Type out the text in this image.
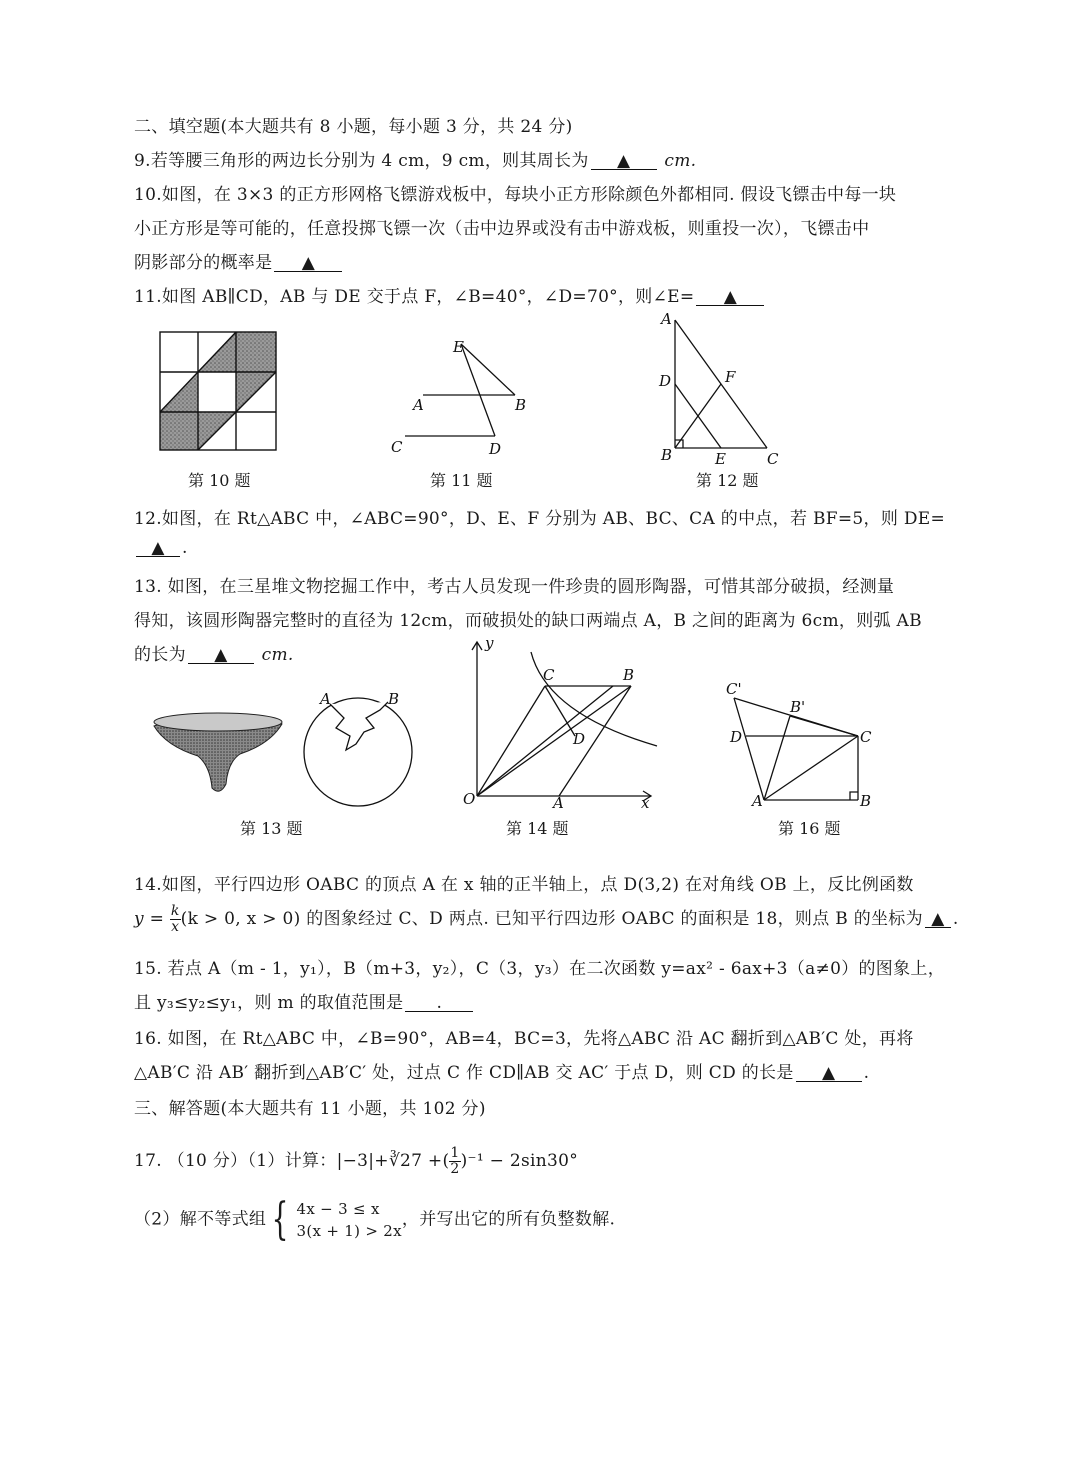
二、填空题(本大题共有 8 小题，每小题 3 分，共 24 分)
9.若等腰三角形的两边长分别为 4 cm，9 cm，则其周长为 ▲ cm.
10.如图，在 3×3 的正方形网格飞镖游戏板中，每块小正方形除颜色外都相同. 假设飞镖击中每一块
小正方形是等可能的，任意投掷飞镖一次（击中边界或没有击中游戏板，则重投一次），飞镖击中
阴影部分的概率是 ▲
11.如图 AB∥CD，AB 与 DE 交于点 F，∠B=40°，∠D=70°，则∠E= ▲
第 10 题
E
A	B
C	D
第 11 题
A
D	F
B	E	C
第 12 题
12.如图，在 Rt△ABC 中，∠ABC=90°，D、E、F 分别为 AB、BC、CA 的中点，若 BF=5，则 DE=
▲ .
13. 如图，在三星堆文物挖掘工作中，考古人员发现一件珍贵的圆形陶器，可惜其部分破损，经测量
得知，该圆形陶器完整时的直径为 12cm，而破损处的缺口两端点 A，B 之间的距离为 6cm，则弧 AB
的长为 ▲ cm.
A	B
第 13 题
y
C	B
D
O	A	x
第 14 题
C'
B'
D	C
A	B
第 16 题
14.如图，平行四边形 OABC 的顶点 A 在 x 轴的正半轴上，点 D(3,2) 在对角线 OB 上，反比例函数
$y = \frac{k}{x} (k > 0$, x > 0) 的图象经过 C、D 两点. 已知平行四边形 OABC 的面积是 18，则点 B 的坐标为 ▲ .
15. 若点 A（m - 1，y₁），B（m+3，y₂），C（3，y₃）在二次函数 y=ax² - 6ax+3（a≠0）的图象上，
且 y₃≤y₂≤y₁，则 m 的取值范围是 .
16. 如图，在 Rt△ABC 中，∠B=90°，AB=4，BC=3，先将△ABC 沿 AC 翻折到△AB′C 处，再将
△AB′C 沿 AB′ 翻折到△AB′C′ 处，过点 C 作 CD∥AB 交 AC′ 于点 D，则 CD 的长是 ▲ .
三、解答题(本大题共有 11 小题，共 102 分)
17. （10 分）（1）计算：|−3|+∛27 +( $\frac{1}{2} )^{-1} - 2\sin 30^\circ$
（2）解不等式组 { 4x − 3 ≤ x
3(x + 1) > 2x
，并写出它的所有负整数解.
